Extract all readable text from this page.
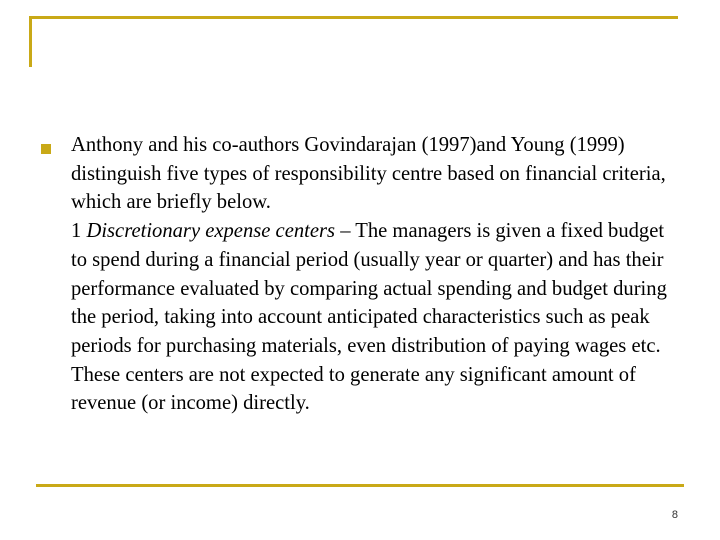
Anthony and his co-authors Govindarajan (1997)and Young (1999) distinguish five types of responsibility centre based on financial criteria, which are briefly below.

1 Discretionary expense centers – The managers is given a fixed budget to spend during a financial period (usually year or quarter) and has their performance evaluated by comparing actual spending and budget during the period, taking into account anticipated characteristics such as peak periods for purchasing materials, even distribution of paying wages etc. These centers are not expected to generate any significant amount of revenue (or income) directly.

8
